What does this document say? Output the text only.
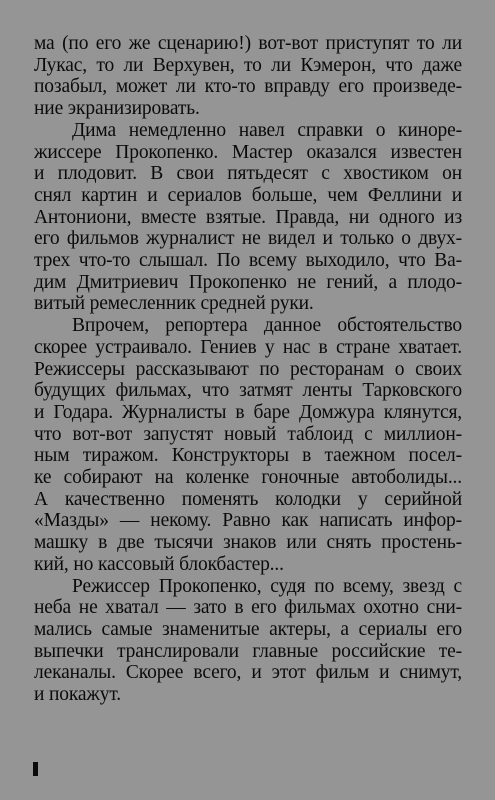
ма (по его же сценарию!) вот-вот приступят то ли
Лукас, то ли Верхувен, то ли Кэмерон, что даже
позабыл, может ли кто-то вправду его произведе-
ние экранизировать.
Дима немедленно навел справки о кинорe-
жиссере Прокопенко. Мастер оказался известен
и плодовит. В свои пятьдесят с хвостиком он
снял картин и сериалов больше, чем Феллини и
Антониони, вместе взятые. Правда, ни одного из
его фильмов журналист не видел и только о двух-
трех что-то слышал. По всему выходило, что Ва-
дим Дмитриевич Прокопенко не гений, а плодо-
витый ремесленник средней руки.
Впрочем, репортера данное обстоятельство
скорее устраивало. Гениев у нас в стране хватает.
Режиссеры рассказывают по ресторанам о своих
будущих фильмах, что затмят ленты Тарковского
и Годара. Журналисты в баре Домжура клянутся,
что вот-вот запустят новый таблоид с миллион-
ным тиражом. Конструкторы в таежном посел-
ке собирают на коленке гоночные автоболиды...
А качественно поменять колодки у серийной
«Мазды» — некому. Равно как написать инфор-
машку в две тысячи знаков или снять простень-
кий, но кассовый блокбастер...
Режиссер Прокопенко, судя по всему, звезд с
неба не хватал — зато в его фильмах охотно сни-
мались самые знаменитые актеры, а сериалы его
выпечки транслировали главные российские те-
леканалы. Скорее всего, и этот фильм и снимут,
и покажут.
